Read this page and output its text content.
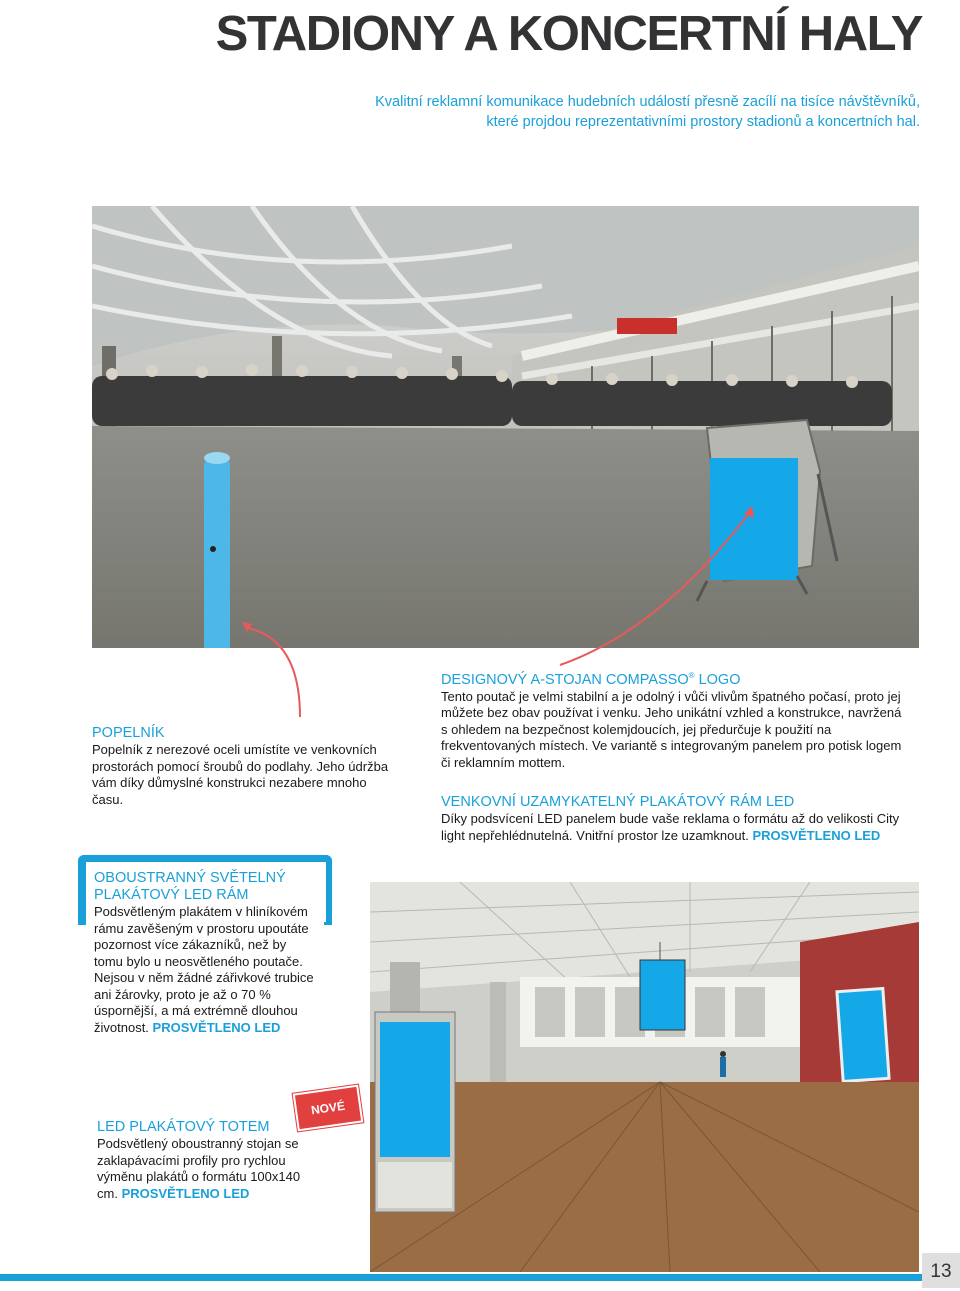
STADIONY A KONCERTNÍ HALY
Kvalitní reklamní komunikace hudebních událostí přesně zacílí na tisíce návštěvníků,
které projdou reprezentativními prostory stadionů a koncertních hal.

POPELNÍK

Popelník z nerezové oceli umístíte ve venkovních prostorách pomocí šroubů do podlahy. Jeho údržba vám díky důmyslné konstrukci nezabere mnoho času.

DESIGNOVÝ A-STOJAN COMPASSO® LOGO

Tento poutač je velmi stabilní a je odolný i vůči vlivům špatného počasí, proto jej můžete bez obav používat i venku. Jeho unikátní vzhled a konstrukce, navržená s ohledem na bezpečnost kolemjdoucích, jej předurčuje k použití na frekventovaných místech. Ve variantě s integrovaným panelem pro potisk logem či reklamním mottem.

VENKOVNÍ UZAMYKATELNÝ PLAKÁTOVÝ RÁM LED

Díky podsvícení LED panelem bude vaše reklama o formátu až do velikosti City light nepřehlédnutelná. Vnitřní prostor lze uzamknout. PROSVĚTLENO LED

OBOUSTRANNÝ SVĚTELNÝ

PLAKÁTOVÝ LED RÁM

Podsvětleným plakátem v hliníkovém rámu zavěšeným v prostoru upoutáte pozornost více zákazníků, než by tomu bylo u neosvětleného poutače. Nejsou v něm žádné zářivkové trubice ani žárovky, proto je až o 70 % úspornější, a má extrémně dlouhou životnost. PROSVĚTLENO LED

NOVÉ

LED PLAKÁTOVÝ TOTEM

Podsvětlený oboustranný stojan se zaklapávacími profily pro rychlou výměnu plakátů o formátu 100x140 cm. PROSVĚTLENO LED

13
